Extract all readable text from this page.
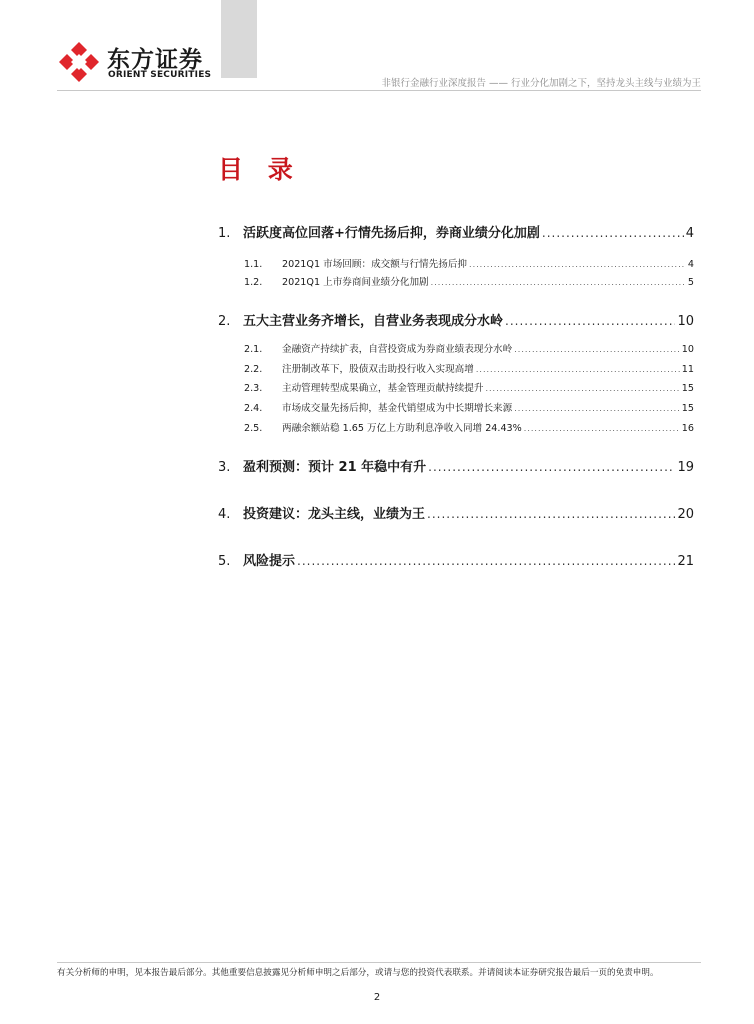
东方证券
ORIENT SECURITIES
非银行金融行业深度报告 —— 行业分化加剧之下，坚持龙头主线与业绩为王
目 录
1. 活跃度高位回落+行情先扬后抑，券商业绩分化加剧 .....	4
1.1.	2021Q1 市场回顾：成交额与行情先扬后抑 .....	4
1.2.	2021Q1 上市券商间业绩分化加剧 .....	5
2. 五大主营业务齐增长，自营业务表现成分水岭 .....	10
2.1.	金融资产持续扩表，自营投资成为券商业绩表现分水岭 .....	10
2.2.	注册制改革下，股债双击助投行收入实现高增 .....	11
2.3.	主动管理转型成果确立，基金管理贡献持续提升 .....	15
2.4.	市场成交量先扬后抑，基金代销望成为中长期增长来源 .....	15
2.5.	两融余额站稳 1.65 万亿上方助利息净收入同增 24.43% .....	16
3. 盈利预测：预计 21 年稳中有升 .....	19
4. 投资建议：龙头主线，业绩为王 .....	20
5. 风险提示 .....	21
有关分析师的申明，见本报告最后部分。其他重要信息披露见分析师申明之后部分，或请与您的投资代表联系。并请阅读本证券研究报告最后一页的免责申明。
2
